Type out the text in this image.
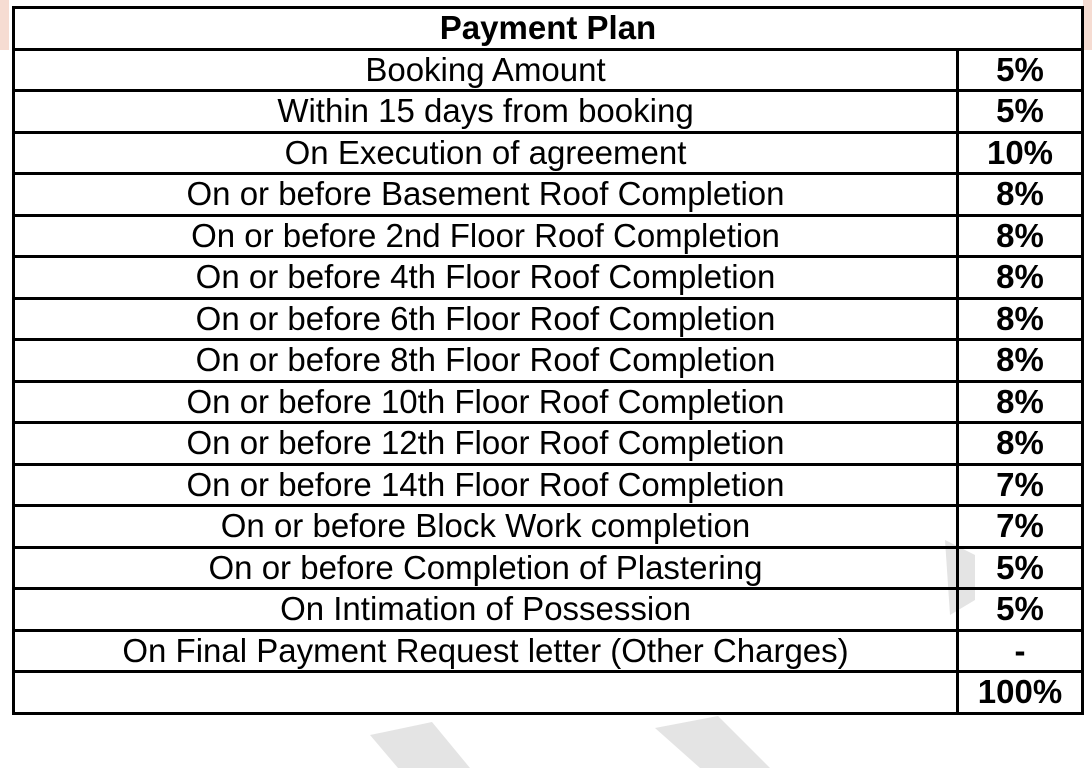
Payment Plan	
Booking Amount	5%
Within 15 days from booking	5%
On Execution of agreement	10%
On or before Basement Roof Completion	8%
On or before 2nd Floor Roof Completion	8%
On or before 4th Floor Roof Completion	8%
On or before 6th Floor Roof Completion	8%
On or before 8th Floor Roof Completion	8%
On or before 10th Floor Roof Completion	8%
On or before 12th Floor Roof Completion	8%
On or before 14th Floor Roof Completion	7%
On or before Block Work completion	7%
On or before Completion of Plastering	5%
On Intimation of Possession	5%
On Final Payment Request letter (Other Charges)	-
	100%
